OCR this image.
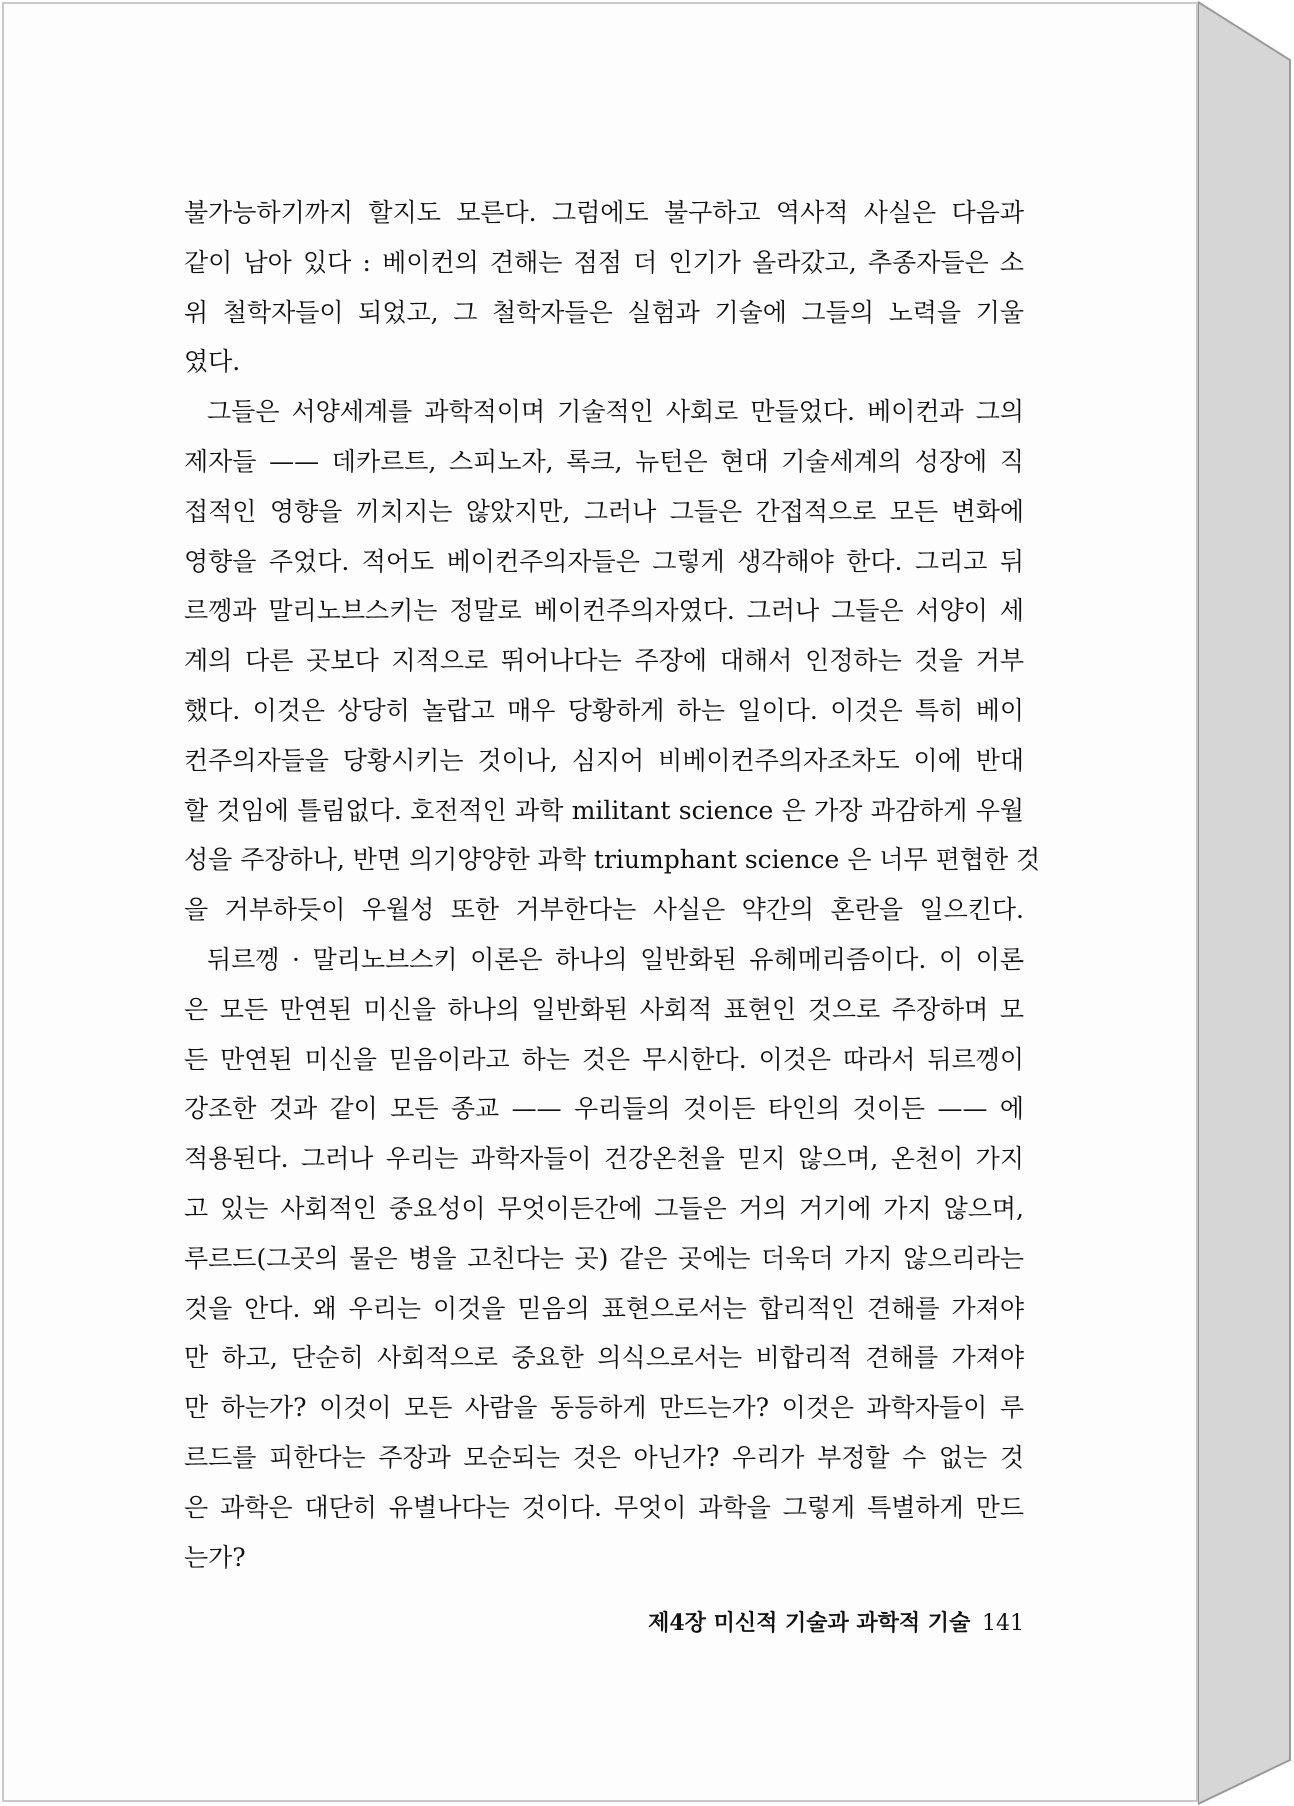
불가능하기까지 할지도 모른다. 그럼에도 불구하고 역사적 사실은 다음과
같이 남아 있다 : 베이컨의 견해는 점점 더 인기가 올라갔고, 추종자들은 소
위 철학자들이 되었고, 그 철학자들은 실험과 기술에 그들의 노력을 기울
였다.
그들은 서양세계를 과학적이며 기술적인 사회로 만들었다. 베이컨과 그의
제자들 —— 데카르트, 스피노자, 록크, 뉴턴은 현대 기술세계의 성장에 직
접적인 영향을 끼치지는 않았지만, 그러나 그들은 간접적으로 모든 변화에
영향을 주었다. 적어도 베이컨주의자들은 그렇게 생각해야 한다. 그리고 뒤
르껭과 말리노브스키는 정말로 베이컨주의자였다. 그러나 그들은 서양이 세
계의 다른 곳보다 지적으로 뛰어나다는 주장에 대해서 인정하는 것을 거부
했다. 이것은 상당히 놀랍고 매우 당황하게 하는 일이다. 이것은 특히 베이
컨주의자들을 당황시키는 것이나, 심지어 비베이컨주의자조차도 이에 반대
할 것임에 틀림없다. 호전적인 과학 militant science 은 가장 과감하게 우월
성을 주장하나, 반면 의기양양한 과학 triumphant science 은 너무 편협한 것
을 거부하듯이 우월성 또한 거부한다는 사실은 약간의 혼란을 일으킨다.
뒤르껭 · 말리노브스키 이론은 하나의 일반화된 유헤메리즘이다. 이 이론
은 모든 만연된 미신을 하나의 일반화된 사회적 표현인 것으로 주장하며 모
든 만연된 미신을 믿음이라고 하는 것은 무시한다. 이것은 따라서 뒤르껭이
강조한 것과 같이 모든 종교 —— 우리들의 것이든 타인의 것이든 —— 에
적용된다. 그러나 우리는 과학자들이 건강온천을 믿지 않으며, 온천이 가지
고 있는 사회적인 중요성이 무엇이든간에 그들은 거의 거기에 가지 않으며,
루르드(그곳의 물은 병을 고친다는 곳) 같은 곳에는 더욱더 가지 않으리라는
것을 안다. 왜 우리는 이것을 믿음의 표현으로서는 합리적인 견해를 가져야
만 하고, 단순히 사회적으로 중요한 의식으로서는 비합리적 견해를 가져야
만 하는가? 이것이 모든 사람을 동등하게 만드는가? 이것은 과학자들이 루
르드를 피한다는 주장과 모순되는 것은 아닌가? 우리가 부정할 수 없는 것
은 과학은 대단히 유별나다는 것이다. 무엇이 과학을 그렇게 특별하게 만드
는가?
제4장 미신적 기술과 과학적 기술 141
